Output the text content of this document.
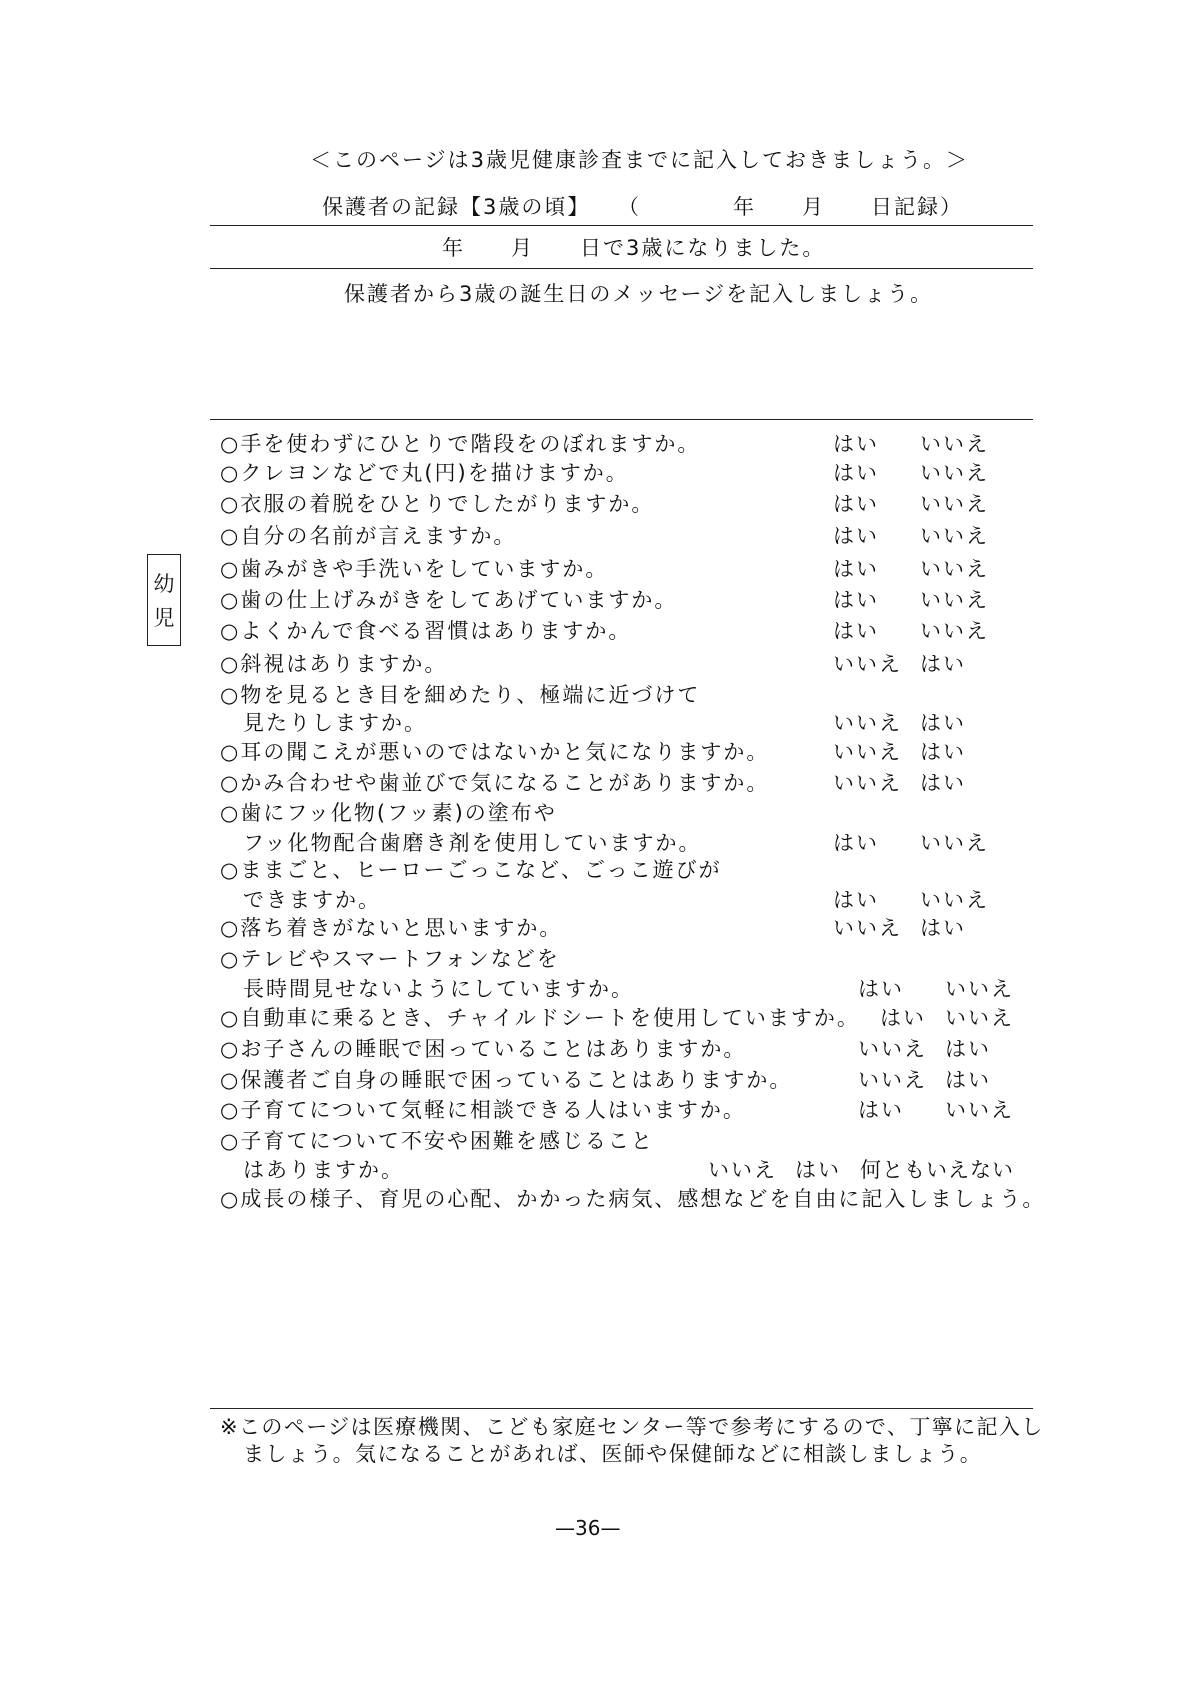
＜このページは3歳児健康診査までに記入しておきましょう。＞
保護者の記録【3歳の頃】 （　　　　年　　月　　日記録）
年　　月　　日で3歳になりました。
保護者から3歳の誕生日のメッセージを記入しましょう。
幼
児
○手を使わずにひとりで階段をのぼれますか。	はい いいえ
○クレヨンなどで丸(円)を描けますか。	はい いいえ
○衣服の着脱をひとりでしたがりますか。	はい いいえ
○自分の名前が言えますか。	はい いいえ
○歯みがきや手洗いをしていますか。	はい いいえ
○歯の仕上げみがきをしてあげていますか。	はい いいえ
○よくかんで食べる習慣はありますか。	はい いいえ
○斜視はありますか。	いいえ はい
○物を見るとき目を細めたり、極端に近づけて
見たりしますか。	いいえ はい
○耳の聞こえが悪いのではないかと気になりますか。	いいえ はい
○かみ合わせや歯並びで気になることがありますか。	いいえ はい
○歯にフッ化物(フッ素)の塗布や
フッ化物配合歯磨き剤を使用していますか。	はい いいえ
○ままごと、ヒーローごっこなど、ごっこ遊びが
できますか。	はい いいえ
○落ち着きがないと思いますか。	いいえ はい
○テレビやスマートフォンなどを
長時間見せないようにしていますか。	はい いいえ
○自動車に乗るとき、チャイルドシートを使用していますか。 はい いいえ
○お子さんの睡眠で困っていることはありますか。	いいえ はい
○保護者ご自身の睡眠で困っていることはありますか。	いいえ はい
○子育てについて気軽に相談できる人はいますか。	はい いいえ
○子育てについて不安や困難を感じること
はありますか。	いいえ はい 何ともいえない
○成長の様子、育児の心配、かかった病気、感想などを自由に記入しましょう。
※このページは医療機関、こども家庭センター等で参考にするので、丁寧に記入し
ましょう。気になることがあれば、医師や保健師などに相談しましょう。
—36—
